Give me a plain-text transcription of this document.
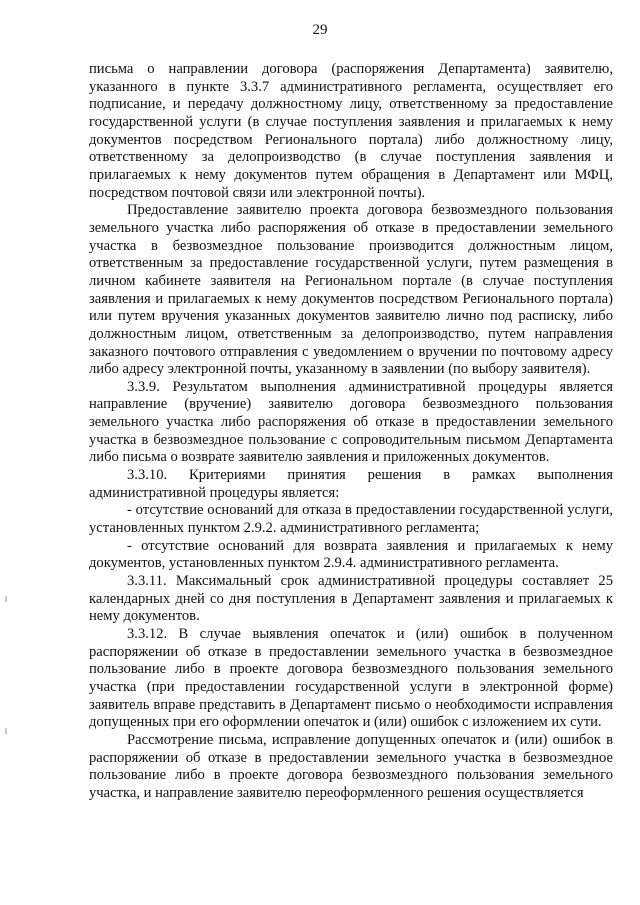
29

письма о направлении договора (распоряжения Департамента) заявителю, указанного в пункте 3.3.7 административного регламента, осуществляет его подписание, и передачу должностному лицу, ответственному за предоставление государственной услуги (в случае поступления заявления и прилагаемых к нему документов посредством Регионального портала) либо должностному лицу, ответственному за делопроизводство (в случае поступления заявления и прилагаемых к нему документов путем обращения в Департамент или МФЦ, посредством почтовой связи или электронной почты).

Предоставление заявителю проекта договора безвозмездного пользования земельного участка либо распоряжения об отказе в предоставлении земельного участка в безвозмездное пользование производится должностным лицом, ответственным за предоставление государственной услуги, путем размещения в личном кабинете заявителя на Региональном портале (в случае поступления заявления и прилагаемых к нему документов посредством Регионального портала) или путем вручения указанных документов заявителю лично под расписку, либо должностным лицом, ответственным за делопроизводство, путем направления заказного почтового отправления с уведомлением о вручении по почтовому адресу либо адресу электронной почты, указанному в заявлении (по выбору заявителя).

3.3.9. Результатом выполнения административной процедуры является направление (вручение) заявителю договора безвозмездного пользования земельного участка либо распоряжения об отказе в предоставлении земельного участка в безвозмездное пользование с сопроводительным письмом Департамента либо письма о возврате заявителю заявления и приложенных документов.

3.3.10. Критериями принятия решения в рамках выполнения административной процедуры является:

- отсутствие оснований для отказа в предоставлении государственной услуги, установленных пунктом 2.9.2. административного регламента;

- отсутствие оснований для возврата заявления и прилагаемых к нему документов, установленных пунктом 2.9.4. административного регламента.

3.3.11. Максимальный срок административной процедуры составляет 25 календарных дней со дня поступления в Департамент заявления и прилагаемых к нему документов.

3.3.12. В случае выявления опечаток и (или) ошибок в полученном распоряжении об отказе в предоставлении земельного участка в безвозмездное пользование либо в проекте договора безвозмездного пользования земельного участка (при предоставлении государственной услуги в электронной форме) заявитель вправе представить в Департамент письмо о необходимости исправления допущенных при его оформлении опечаток и (или) ошибок с изложением их сути.

Рассмотрение письма, исправление допущенных опечаток и (или) ошибок в распоряжении об отказе в предоставлении земельного участка в безвозмездное пользование либо в проекте договора безвозмездного пользования земельного участка, и направление заявителю переоформленного решения осуществляется
